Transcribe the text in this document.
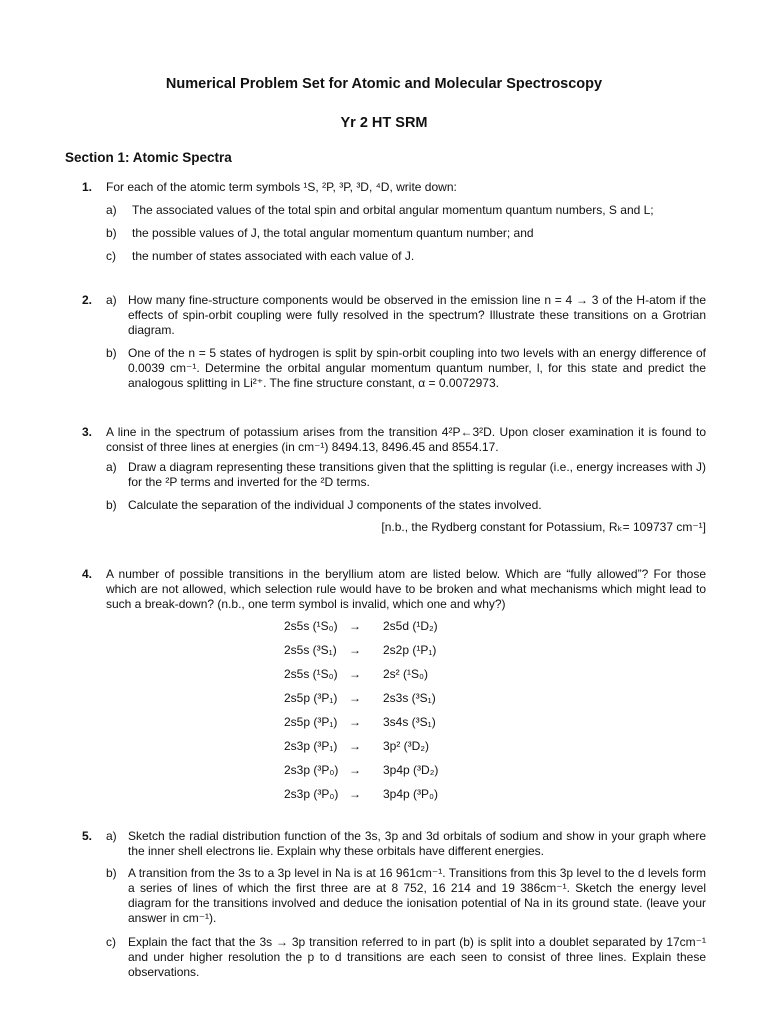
Numerical Problem Set for Atomic and Molecular Spectroscopy
Yr 2 HT SRM
Section 1: Atomic Spectra
1. For each of the atomic term symbols ¹S, ²P, ³P, ³D, ⁴D, write down:
a) The associated values of the total spin and orbital angular momentum quantum numbers, S and L;
b) the possible values of J, the total angular momentum quantum number; and
c) the number of states associated with each value of J.
2. a) How many fine-structure components would be observed in the emission line n = 4 → 3 of the H-atom if the effects of spin-orbit coupling were fully resolved in the spectrum? Illustrate these transitions on a Grotrian diagram.
b) One of the n = 5 states of hydrogen is split by spin-orbit coupling into two levels with an energy difference of 0.0039 cm⁻¹. Determine the orbital angular momentum quantum number, l, for this state and predict the analogous splitting in Li²⁺. The fine structure constant, α = 0.0072973.
3. A line in the spectrum of potassium arises from the transition 4²P←3²D. Upon closer examination it is found to consist of three lines at energies (in cm⁻¹) 8494.13, 8496.45 and 8554.17.
a) Draw a diagram representing these transitions given that the splitting is regular (i.e., energy increases with J) for the ²P terms and inverted for the ²D terms.
b) Calculate the separation of the individual J components of the states involved.
[n.b., the Rydberg constant for Potassium, Rₖ= 109737 cm⁻¹]
4. A number of possible transitions in the beryllium atom are listed below. Which are “fully allowed”? For those which are not allowed, which selection rule would have to be broken and what mechanisms which might lead to such a break-down? (n.b., one term symbol is invalid, which one and why?)
2s5s (¹S₀) → 2s5d (¹D₂)
2s5s (³S₁) → 2s2p (¹P₁)
2s5s (¹S₀) → 2s² (¹S₀)
2s5p (³P₁) → 2s3s (³S₁)
2s5p (³P₁) → 3s4s (³S₁)
2s3p (³P₁) → 3p² (³D₂)
2s3p (³P₀) → 3p4p (³D₂)
2s3p (³P₀) → 3p4p (³P₀)
5. a) Sketch the radial distribution function of the 3s, 3p and 3d orbitals of sodium and show in your graph where the inner shell electrons lie. Explain why these orbitals have different energies.
b) A transition from the 3s to a 3p level in Na is at 16 961cm⁻¹. Transitions from this 3p level to the d levels form a series of lines of which the first three are at 8 752, 16 214 and 19 386cm⁻¹. Sketch the energy level diagram for the transitions involved and deduce the ionisation potential of Na in its ground state. (leave your answer in cm⁻¹).
c) Explain the fact that the 3s → 3p transition referred to in part (b) is split into a doublet separated by 17cm⁻¹ and under higher resolution the p to d transitions are each seen to consist of three lines. Explain these observations.
